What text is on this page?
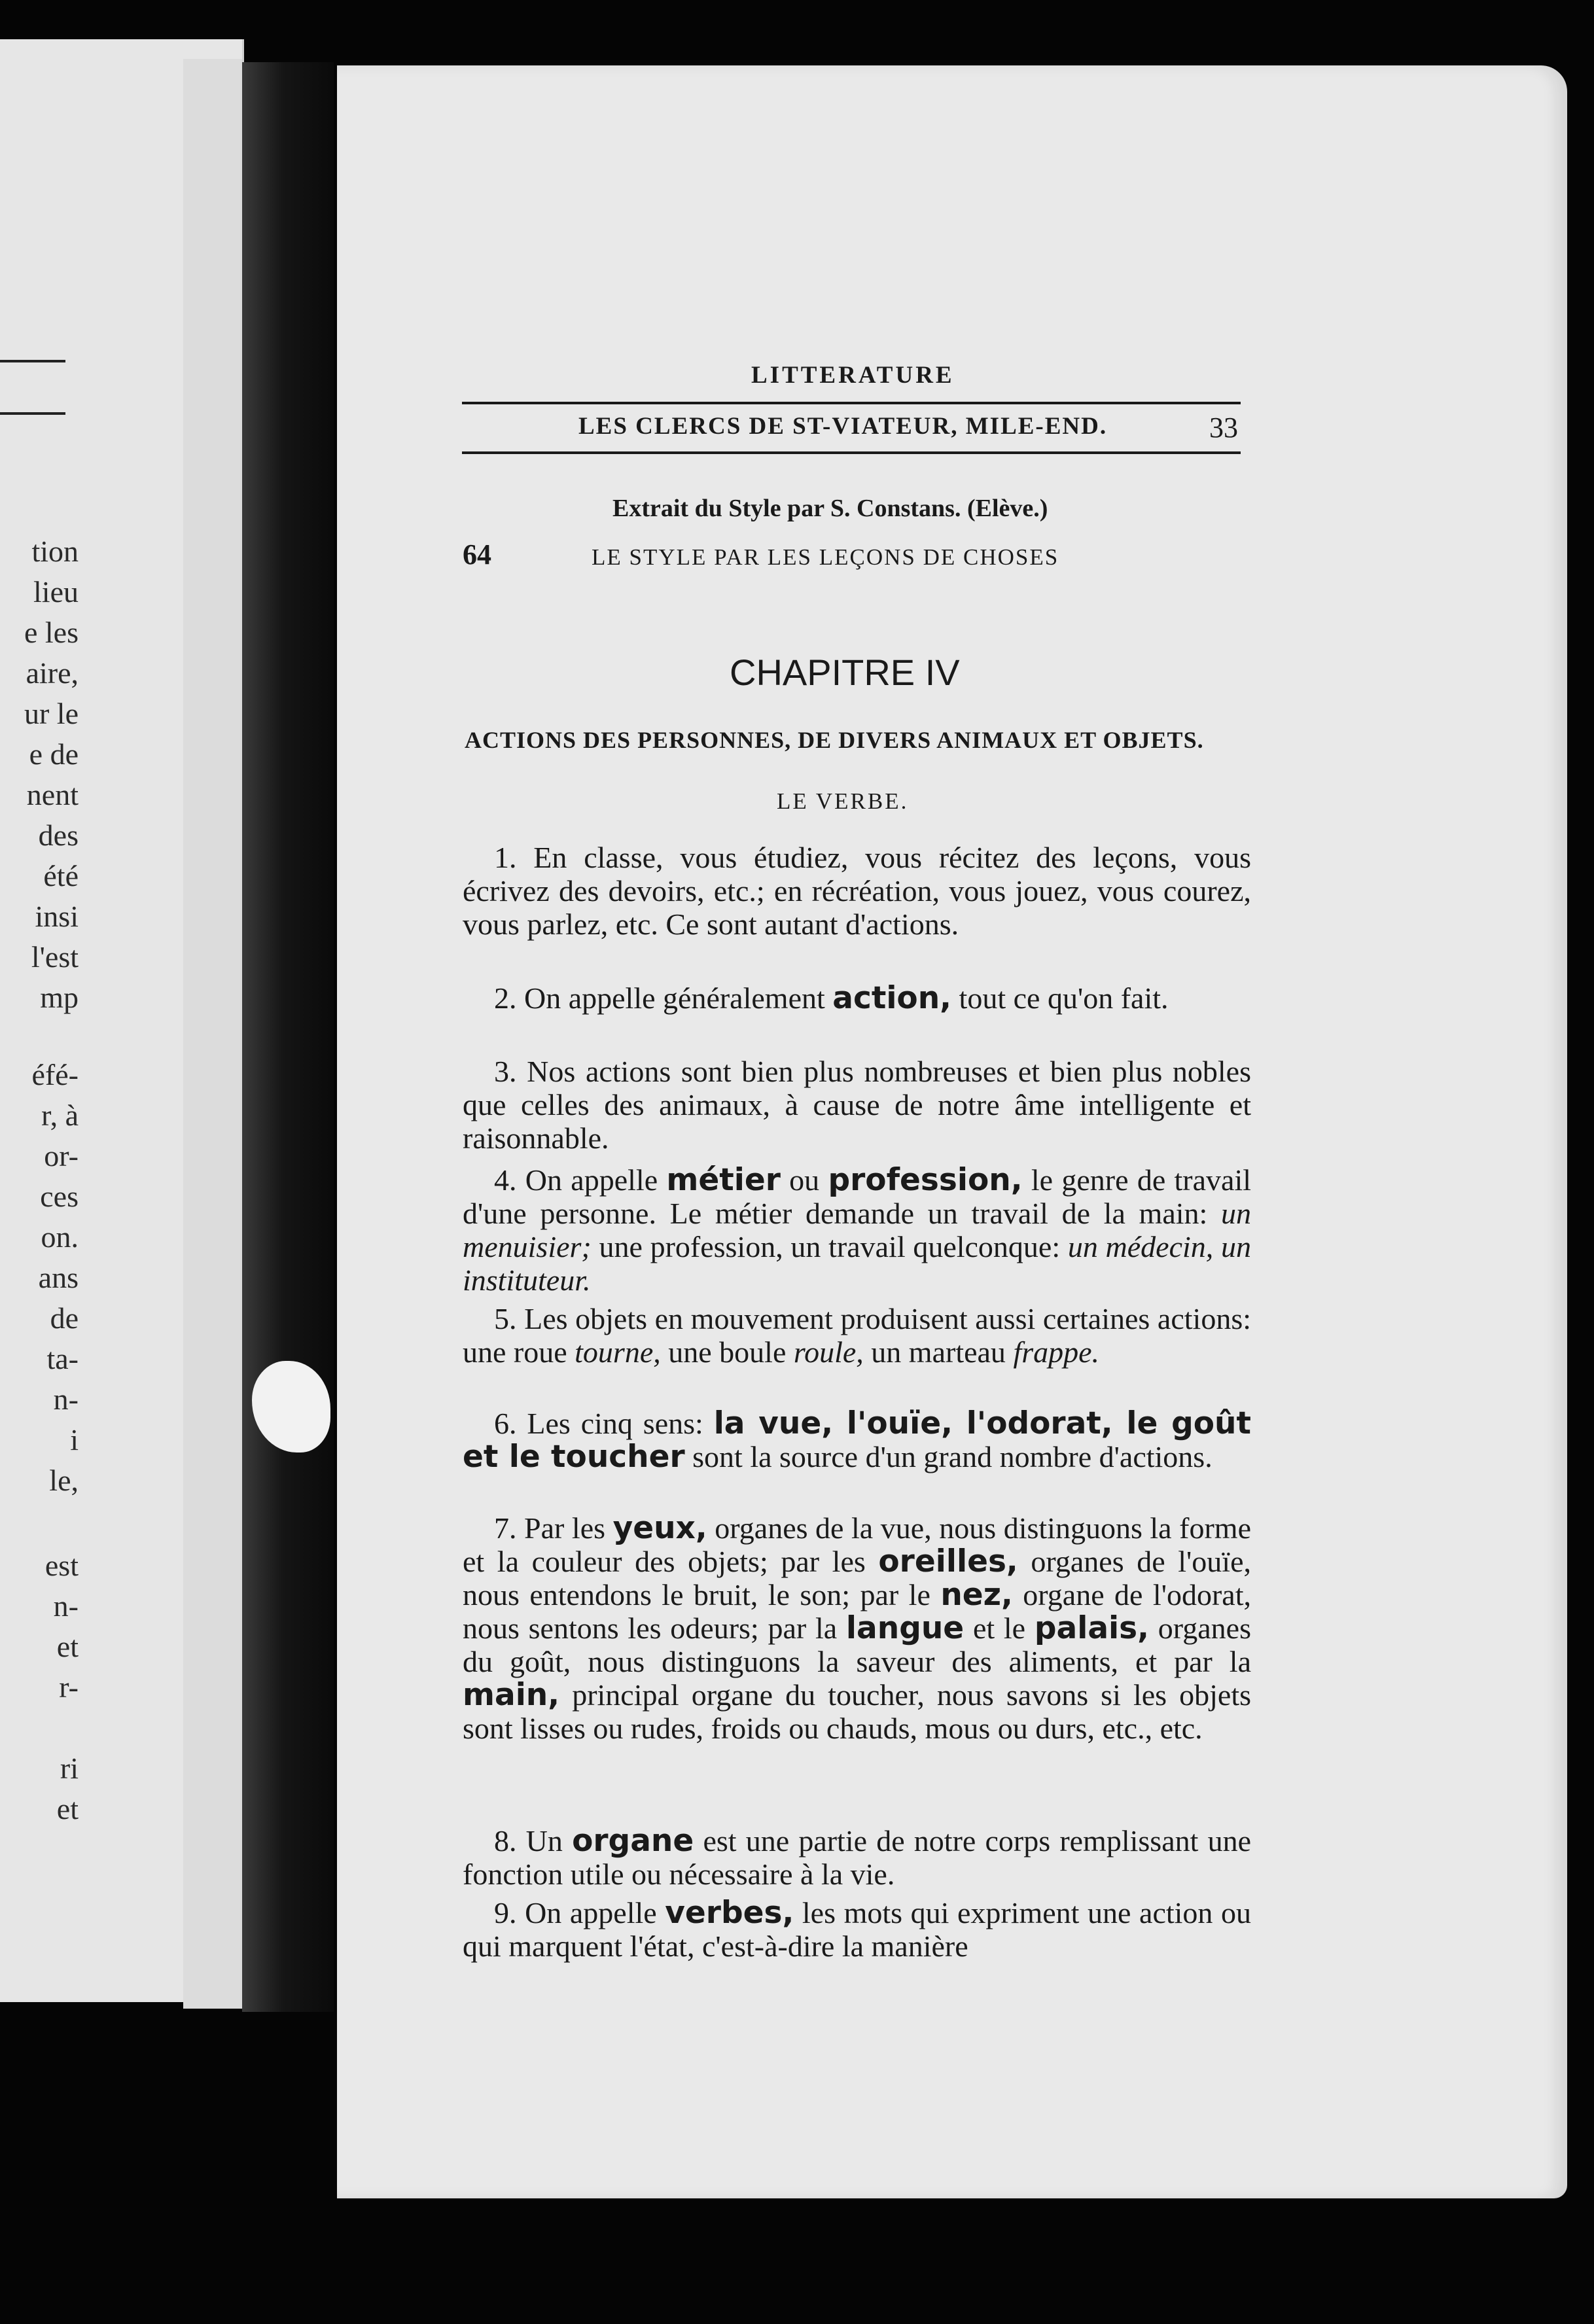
tion
lieu
e les
aire,
ur le
e de
nent
des
été
insi
l'est
mp
éfé-
r, à
or-
ces
on.
ans
de
ta-
n-
i
le,
est
n-
et
r-
ri
et
LITTERATURE
LES CLERCS DE ST-VIATEUR, MILE-END.	33
Extrait du Style par S. Constans. (Elève.)
64	LE STYLE PAR LES LEÇONS DE CHOSES
CHAPITRE IV
ACTIONS DES PERSONNES, DE DIVERS ANIMAUX ET OBJETS.
LE VERBE.

1. En classe, vous étudiez, vous récitez des leçons, vous écrivez des devoirs, etc.; en récréation, vous jouez, vous courez, vous parlez, etc. Ce sont autant d'actions.

2. On appelle généralement action, tout ce qu'on fait.

3. Nos actions sont bien plus nombreuses et bien plus nobles que celles des animaux, à cause de notre âme intelligente et raisonnable.

4. On appelle métier ou profession, le genre de travail d'une personne. Le métier demande un travail de la main: un menuisier; une profession, un travail quelconque: un médecin, un instituteur.

5. Les objets en mouvement produisent aussi certaines actions: une roue tourne, une boule roule, un marteau frappe.

6. Les cinq sens: la vue, l'ouïe, l'odorat, le goût et le toucher sont la source d'un grand nombre d'actions.

7. Par les yeux, organes de la vue, nous distinguons la forme et la couleur des objets; par les oreilles, organes de l'ouïe, nous entendons le bruit, le son; par le nez, organe de l'odorat, nous sentons les odeurs; par la langue et le palais, organes du goût, nous distinguons la saveur des aliments, et par la main, principal organe du toucher, nous savons si les objets sont lisses ou rudes, froids ou chauds, mous ou durs, etc., etc.

8. Un organe est une partie de notre corps remplissant une fonction utile ou nécessaire à la vie.

9. On appelle verbes, les mots qui expriment une action ou qui marquent l'état, c'est-à-dire la manière
